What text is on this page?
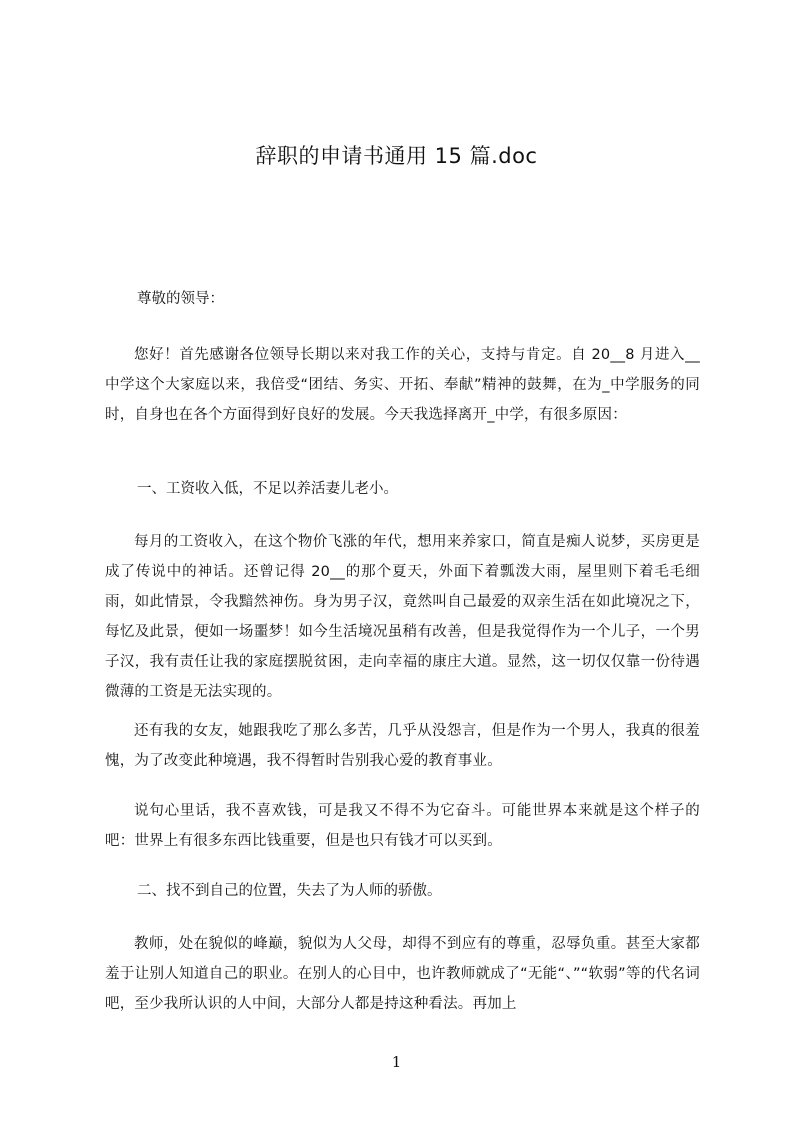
辞职的申请书通用 15 篇.doc
尊敬的领导：

您好！首先感谢各位领导长期以来对我工作的关心，支持与肯定。自 20__8 月进入__中学这个大家庭以来，我倍受“团结、务实、开拓、奉献”精神的鼓舞，在为_中学服务的同时，自身也在各个方面得到好良好的发展。今天我选择离开_中学，有很多原因：

一、工资收入低，不足以养活妻儿老小。

每月的工资收入，在这个物价飞涨的年代，想用来养家口，简直是痴人说梦，买房更是成了传说中的神话。还曾记得 20__的那个夏天，外面下着瓢泼大雨，屋里则下着毛毛细雨，如此情景，令我黯然神伤。身为男子汉，竟然叫自己最爱的双亲生活在如此境况之下，每忆及此景，便如一场噩梦！如今生活境况虽稍有改善，但是我觉得作为一个儿子，一个男子汉，我有责任让我的家庭摆脱贫困，走向幸福的康庄大道。显然，这一切仅仅靠一份待遇微薄的工资是无法实现的。

还有我的女友，她跟我吃了那么多苦，几乎从没怨言，但是作为一个男人，我真的很羞愧，为了改变此种境遇，我不得暂时告别我心爱的教育事业。

说句心里话，我不喜欢钱，可是我又不得不为它奋斗。可能世界本来就是这个样子的吧：世界上有很多东西比钱重要，但是也只有钱才可以买到。

二、找不到自己的位置，失去了为人师的骄傲。

教师，处在貌似的峰巅，貌似为人父母，却得不到应有的尊重，忍辱负重。甚至大家都羞于让别人知道自己的职业。在别人的心目中，也许教师就成了“无能“、”“软弱”等的代名词吧，至少我所认识的人中间，大部分人都是持这种看法。再加上

1
